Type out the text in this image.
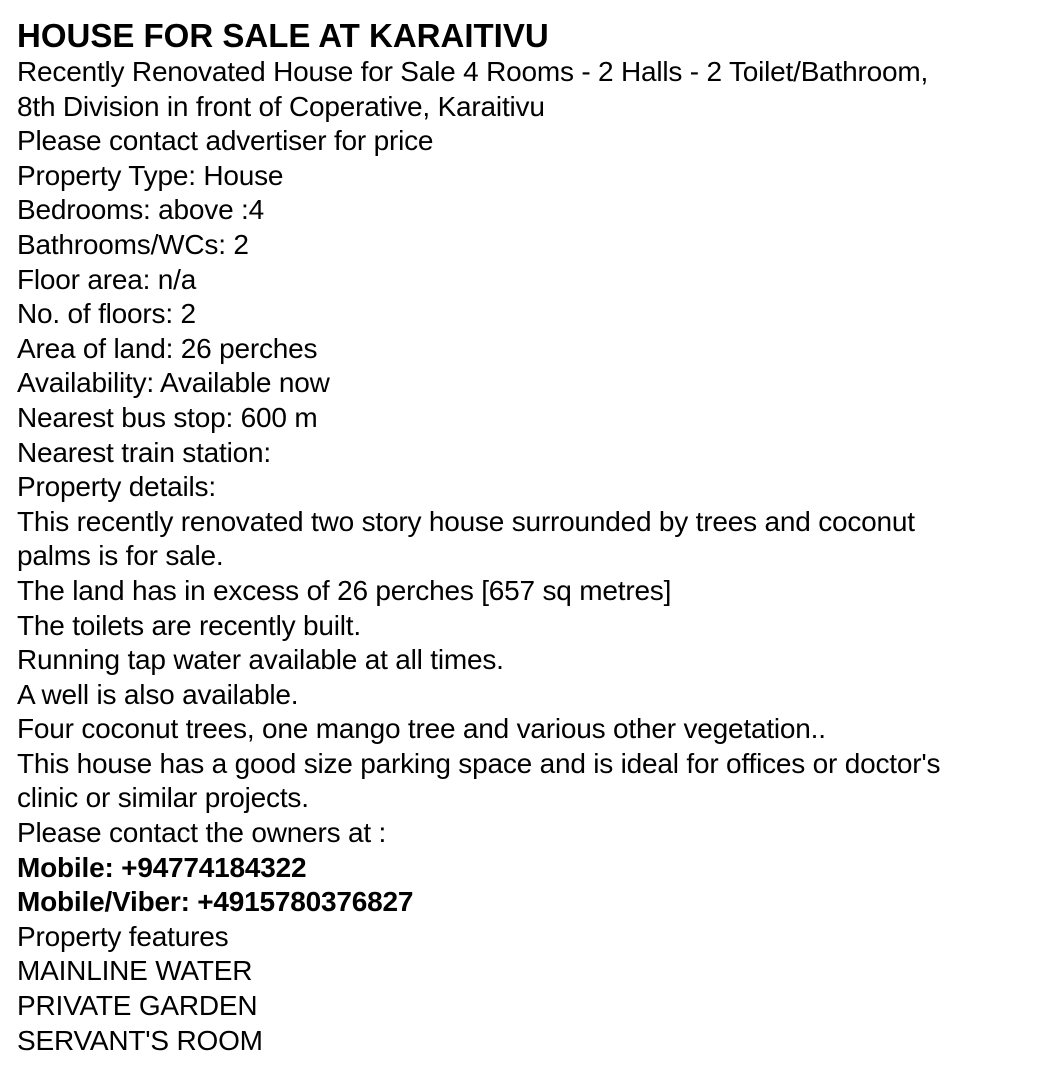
HOUSE FOR SALE AT KARAITIVU

Recently Renovated House for Sale 4 Rooms - 2 Halls - 2 Toilet/Bathroom,

8th Division in front of Coperative, Karaitivu

Please contact advertiser for price

Property Type: House

Bedrooms: above :4

Bathrooms/WCs: 2

Floor area: n/a

No. of floors: 2

Area of land: 26 perches

Availability: Available now

Nearest bus stop: 600 m

Nearest train station:

Property details:

This recently renovated two story house surrounded by trees and coconut

palms is for sale.

The land has in excess of 26 perches [657 sq metres]

The toilets are recently built.

Running tap water available at all times.

A well is also available.

Four coconut trees, one mango tree and various other vegetation..

This house has a good size parking space and is ideal for offices or doctor's

clinic or similar projects.

Please contact the owners at :

Mobile: +94774184322

Mobile/Viber: +4915780376827

Property features

MAINLINE WATER

PRIVATE GARDEN

SERVANT'S ROOM
